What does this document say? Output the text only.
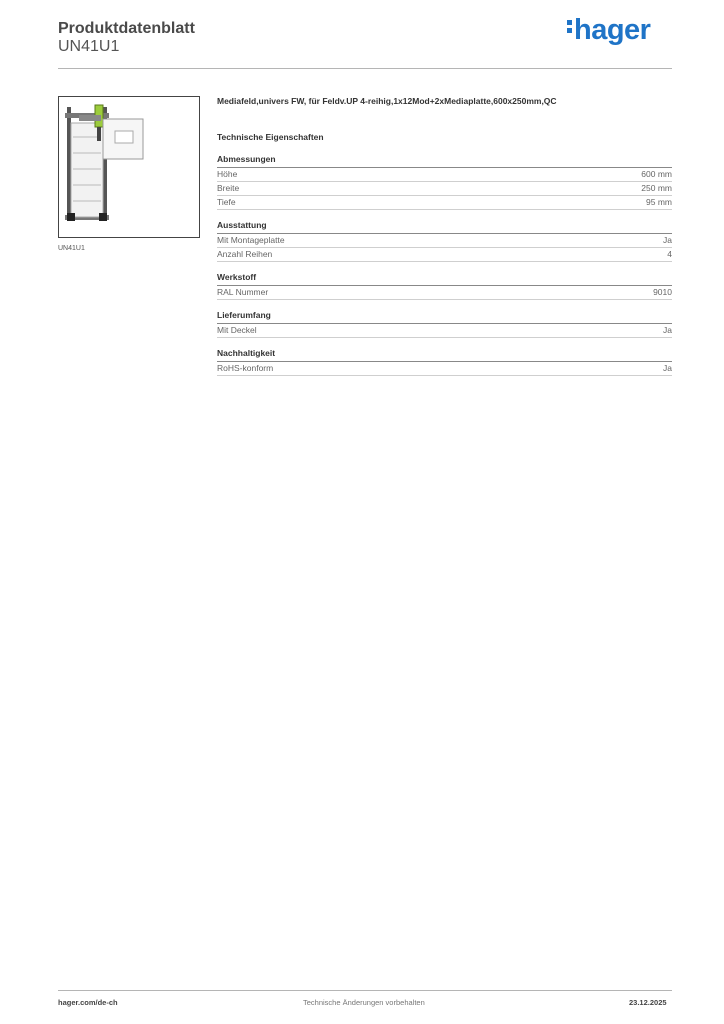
Produktdatenblatt
UN41U1
hager
UN41U1
Mediafeld,univers FW, für Feldv.UP 4-reihig,1x12Mod+2xMediaplatte,600x250mm,QC
Technische Eigenschaften
Abmessungen
Höhe	600 mm
Breite	250 mm
Tiefe	95 mm
Ausstattung
Mit Montageplatte	Ja
Anzahl Reihen	4
Werkstoff
RAL Nummer	9010
Lieferumfang
Mit Deckel	Ja
Nachhaltigkeit
RoHS-konform	Ja
hager.com/de-ch	Technische Änderungen vorbehalten	23.12.2025
